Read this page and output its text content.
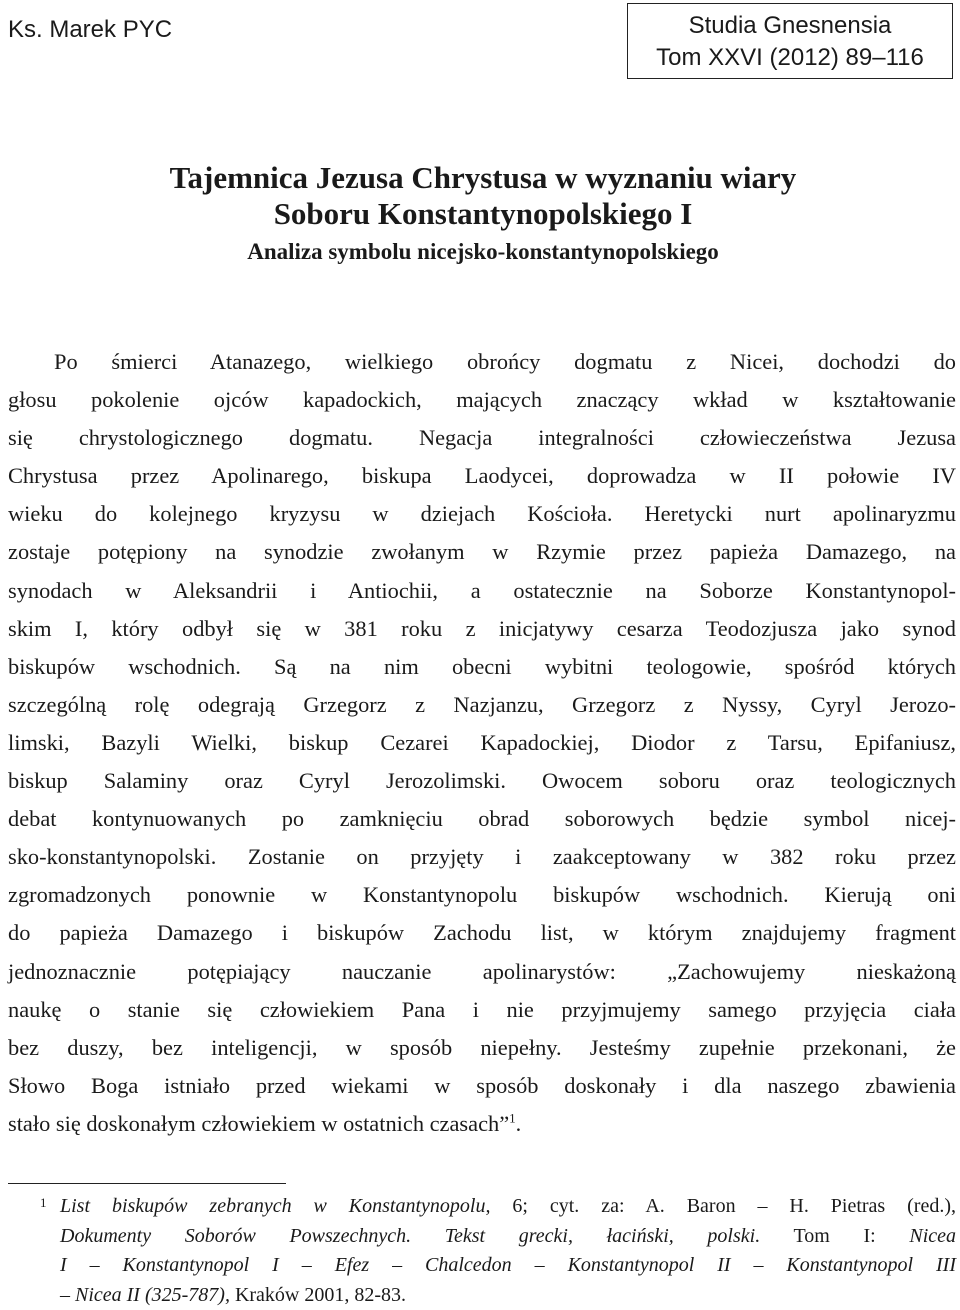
Ks. Marek PYC	Studia Gnesnensia
Tom XXVI (2012) 89–116
Tajemnica Jezusa Chrystusa w wyznaniu wiary
Soboru Konstantynopolskiego I
Analiza symbolu nicejsko-konstantynopolskiego
Po śmierci Atanazego, wielkiego obrońcy dogmatu z Nicei, dochodzi do
głosu pokolenie ojców kapadockich, mających znaczący wkład w kształtowanie
się chrystologicznego dogmatu. Negacja integralności człowieczeństwa Jezusa
Chrystusa przez Apolinarego, biskupa Laodycei, doprowadza w II połowie IV
wieku do kolejnego kryzysu w dziejach Kościoła. Heretycki nurt apolinaryzmu
zostaje potępiony na synodzie zwołanym w Rzymie przez papieża Damazego, na
synodach w Aleksandrii i Antiochii, a ostatecznie na Soborze Konstantynopol-
skim I, który odbył się w 381 roku z inicjatywy cesarza Teodozjusza jako synod
biskupów wschodnich. Są na nim obecni wybitni teologowie, spośród których
szczególną rolę odegrają Grzegorz z Nazjanzu, Grzegorz z Nyssy, Cyryl Jerozo-
limski, Bazyli Wielki, biskup Cezarei Kapadockiej, Diodor z Tarsu, Epifaniusz,
biskup Salaminy oraz Cyryl Jerozolimski. Owocem soboru oraz teologicznych
debat kontynuowanych po zamknięciu obrad soborowych będzie symbol nicej-
sko-konstantynopolski. Zostanie on przyjęty i zaakceptowany w 382 roku przez
zgromadzonych ponownie w Konstantynopolu biskupów wschodnich. Kierują oni
do papieża Damazego i biskupów Zachodu list, w którym znajdujemy fragment
jednoznacznie potępiający nauczanie apolinarystów: „Zachowujemy nieskażoną
naukę o stanie się człowiekiem Pana i nie przyjmujemy samego przyjęcia ciała
bez duszy, bez inteligencji, w sposób niepełny. Jesteśmy zupełnie przekonani, że
Słowo Boga istniało przed wiekami w sposób doskonały i dla naszego zbawienia
stało się doskonałym człowiekiem w ostatnich czasach”$^1$.
1 List biskupów zebranych w Konstantynopolu, 6; cyt. za: A. Baron – H. Pietras (red.),
Dokumenty Soborów Powszechnych. Tekst grecki, łaciński, polski. Tom I: Nicea
I – Konstantynopol I – Efez – Chalcedon – Konstantynopol II – Konstantynopol III
– Nicea II (325-787), Kraków 2001, 82-83.
